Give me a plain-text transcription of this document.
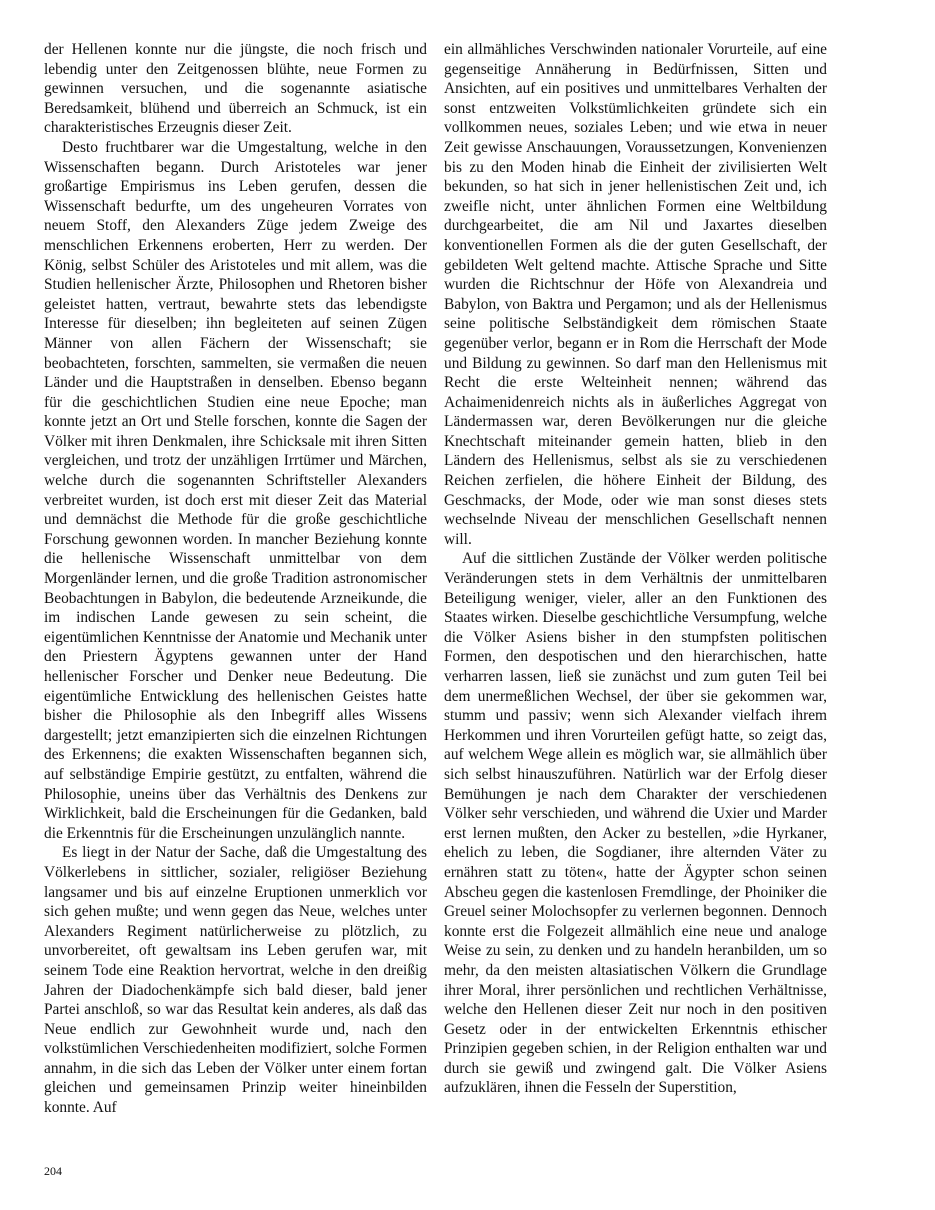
der Hellenen konnte nur die jüngste, die noch frisch und lebendig unter den Zeitgenossen blühte, neue Formen zu gewinnen versuchen, und die sogenannte asiatische Beredsamkeit, blühend und überreich an Schmuck, ist ein charakteristisches Erzeugnis dieser Zeit.

Desto fruchtbarer war die Umgestaltung, welche in den Wissenschaften begann. Durch Aristoteles war jener großartige Empirismus ins Leben gerufen, dessen die Wissenschaft bedurfte, um des ungeheuren Vorrates von neuem Stoff, den Alexanders Züge jedem Zweige des menschlichen Erkennens eroberten, Herr zu werden. Der König, selbst Schüler des Aristoteles und mit allem, was die Studien hellenischer Ärzte, Philosophen und Rhetoren bisher geleistet hatten, vertraut, bewahrte stets das lebendigste Interesse für dieselben; ihn begleiteten auf seinen Zügen Männer von allen Fächern der Wissenschaft; sie beobachteten, forschten, sammelten, sie vermaßen die neuen Länder und die Hauptstraßen in denselben. Ebenso begann für die geschichtlichen Studien eine neue Epoche; man konnte jetzt an Ort und Stelle forschen, konnte die Sagen der Völker mit ihren Denkmalen, ihre Schicksale mit ihren Sitten vergleichen, und trotz der unzähligen Irrtümer und Märchen, welche durch die sogenannten Schriftsteller Alexanders verbreitet wurden, ist doch erst mit dieser Zeit das Material und demnächst die Methode für die große geschichtliche Forschung gewonnen worden. In mancher Beziehung konnte die hellenische Wissenschaft unmittelbar von dem Morgenländer lernen, und die große Tradition astronomischer Beobachtungen in Babylon, die bedeutende Arzneikunde, die im indischen Lande gewesen zu sein scheint, die eigentümlichen Kenntnisse der Anatomie und Mechanik unter den Priestern Ägyptens gewannen unter der Hand hellenischer Forscher und Denker neue Bedeutung. Die eigentümliche Entwicklung des hellenischen Geistes hatte bisher die Philosophie als den Inbegriff alles Wissens dargestellt; jetzt emanzipierten sich die einzelnen Richtungen des Erkennens; die exakten Wissenschaften begannen sich, auf selbständige Empirie gestützt, zu entfalten, während die Philosophie, uneins über das Verhältnis des Denkens zur Wirklichkeit, bald die Erscheinungen für die Gedanken, bald die Erkenntnis für die Erscheinungen unzulänglich nannte.

Es liegt in der Natur der Sache, daß die Umgestaltung des Völkerlebens in sittlicher, sozialer, religiöser Beziehung langsamer und bis auf einzelne Eruptionen unmerklich vor sich gehen mußte; und wenn gegen das Neue, welches unter Alexanders Regiment natürlicherweise zu plötzlich, zu unvorbereitet, oft gewaltsam ins Leben gerufen war, mit seinem Tode eine Reaktion hervortrat, welche in den dreißig Jahren der Diadochenkämpfe sich bald dieser, bald jener Partei anschloß, so war das Resultat kein anderes, als daß das Neue endlich zur Gewohnheit wurde und, nach den volkstümlichen Verschiedenheiten modifiziert, solche Formen annahm, in die sich das Leben der Völker unter einem fortan gleichen und gemeinsamen Prinzip weiter hineinbilden konnte. Auf

ein allmähliches Verschwinden nationaler Vorurteile, auf eine gegenseitige Annäherung in Bedürfnissen, Sitten und Ansichten, auf ein positives und unmittelbares Verhalten der sonst entzweiten Volkstümlichkeiten gründete sich ein vollkommen neues, soziales Leben; und wie etwa in neuer Zeit gewisse Anschauungen, Voraussetzungen, Konvenienzen bis zu den Moden hinab die Einheit der zivilisierten Welt bekunden, so hat sich in jener hellenistischen Zeit und, ich zweifle nicht, unter ähnlichen Formen eine Weltbildung durchgearbeitet, die am Nil und Jaxartes dieselben konventionellen Formen als die der guten Gesellschaft, der gebildeten Welt geltend machte. Attische Sprache und Sitte wurden die Richtschnur der Höfe von Alexandreia und Babylon, von Baktra und Pergamon; und als der Hellenismus seine politische Selbständigkeit dem römischen Staate gegenüber verlor, begann er in Rom die Herrschaft der Mode und Bildung zu gewinnen. So darf man den Hellenismus mit Recht die erste Welteinheit nennen; während das Achaimenidenreich nichts als in äußerliches Aggregat von Ländermassen war, deren Bevölkerungen nur die gleiche Knechtschaft miteinander gemein hatten, blieb in den Ländern des Hellenismus, selbst als sie zu verschiedenen Reichen zerfielen, die höhere Einheit der Bildung, des Geschmacks, der Mode, oder wie man sonst dieses stets wechselnde Niveau der menschlichen Gesellschaft nennen will.

Auf die sittlichen Zustände der Völker werden politische Veränderungen stets in dem Verhältnis der unmittelbaren Beteiligung weniger, vieler, aller an den Funktionen des Staates wirken. Dieselbe geschichtliche Versumpfung, welche die Völker Asiens bisher in den stumpfsten politischen Formen, den despotischen und den hierarchischen, hatte verharren lassen, ließ sie zunächst und zum guten Teil bei dem unermeßlichen Wechsel, der über sie gekommen war, stumm und passiv; wenn sich Alexander vielfach ihrem Herkommen und ihren Vorurteilen gefügt hatte, so zeigt das, auf welchem Wege allein es möglich war, sie allmählich über sich selbst hinauszuführen. Natürlich war der Erfolg dieser Bemühungen je nach dem Charakter der verschiedenen Völker sehr verschieden, und während die Uxier und Marder erst lernen mußten, den Acker zu bestellen, »die Hyrkaner, ehelich zu leben, die Sogdianer, ihre alternden Väter zu ernähren statt zu töten«, hatte der Ägypter schon seinen Abscheu gegen die kastenlosen Fremdlinge, der Phoiniker die Greuel seiner Molochsopfer zu verlernen begonnen. Dennoch konnte erst die Folgezeit allmählich eine neue und analoge Weise zu sein, zu denken und zu handeln heranbilden, um so mehr, da den meisten altasiatischen Völkern die Grundlage ihrer Moral, ihrer persönlichen und rechtlichen Verhältnisse, welche den Hellenen dieser Zeit nur noch in den positiven Gesetz oder in der entwickelten Erkenntnis ethischer Prinzipien gegeben schien, in der Religion enthalten war und durch sie gewiß und zwingend galt. Die Völker Asiens aufzuklären, ihnen die Fesseln der Superstition,

204
